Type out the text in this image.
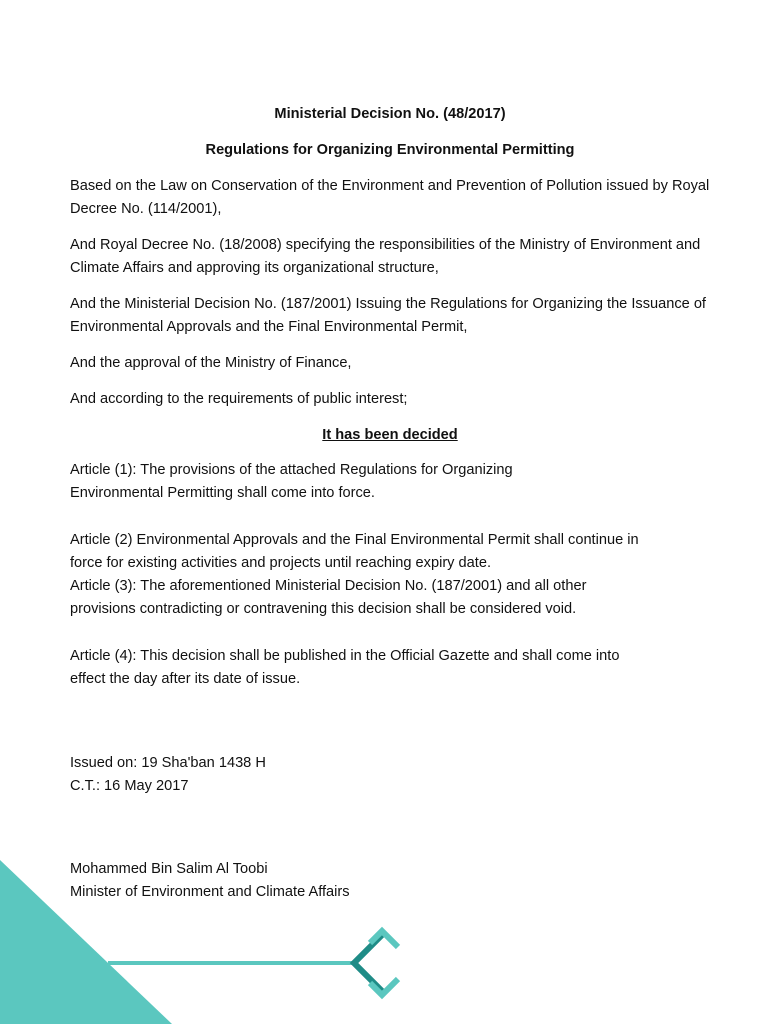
Ministerial Decision No. (48/2017)

Regulations for Organizing Environmental Permitting

Based on the Law on Conservation of the Environment and Prevention of Pollution issued by Royal Decree No. (114/2001),

And Royal Decree No. (18/2008) specifying the responsibilities of the Ministry of Environment and Climate Affairs and approving its organizational structure,

And the Ministerial Decision No. (187/2001) Issuing the Regulations for Organizing the Issuance of Environmental Approvals and the Final Environmental Permit,

And the approval of the Ministry of Finance,

And according to the requirements of public interest;

It has been decided

Article (1): The provisions of the attached Regulations for Organizing
Environmental Permitting shall come into force.
Article (2) Environmental Approvals and the Final Environmental Permit shall continue in
force for existing activities and projects until reaching expiry date.
Article (3): The aforementioned Ministerial Decision No. (187/2001) and all other
provisions contradicting or contravening this decision shall be considered void.
Article (4): This decision shall be published in the Official Gazette and shall come into
effect the day after its date of issue.
Issued on: 19 Sha'ban 1438 H
C.T.: 16 May 2017
Mohammed Bin Salim Al Toobi
Minister of Environment and Climate Affairs
